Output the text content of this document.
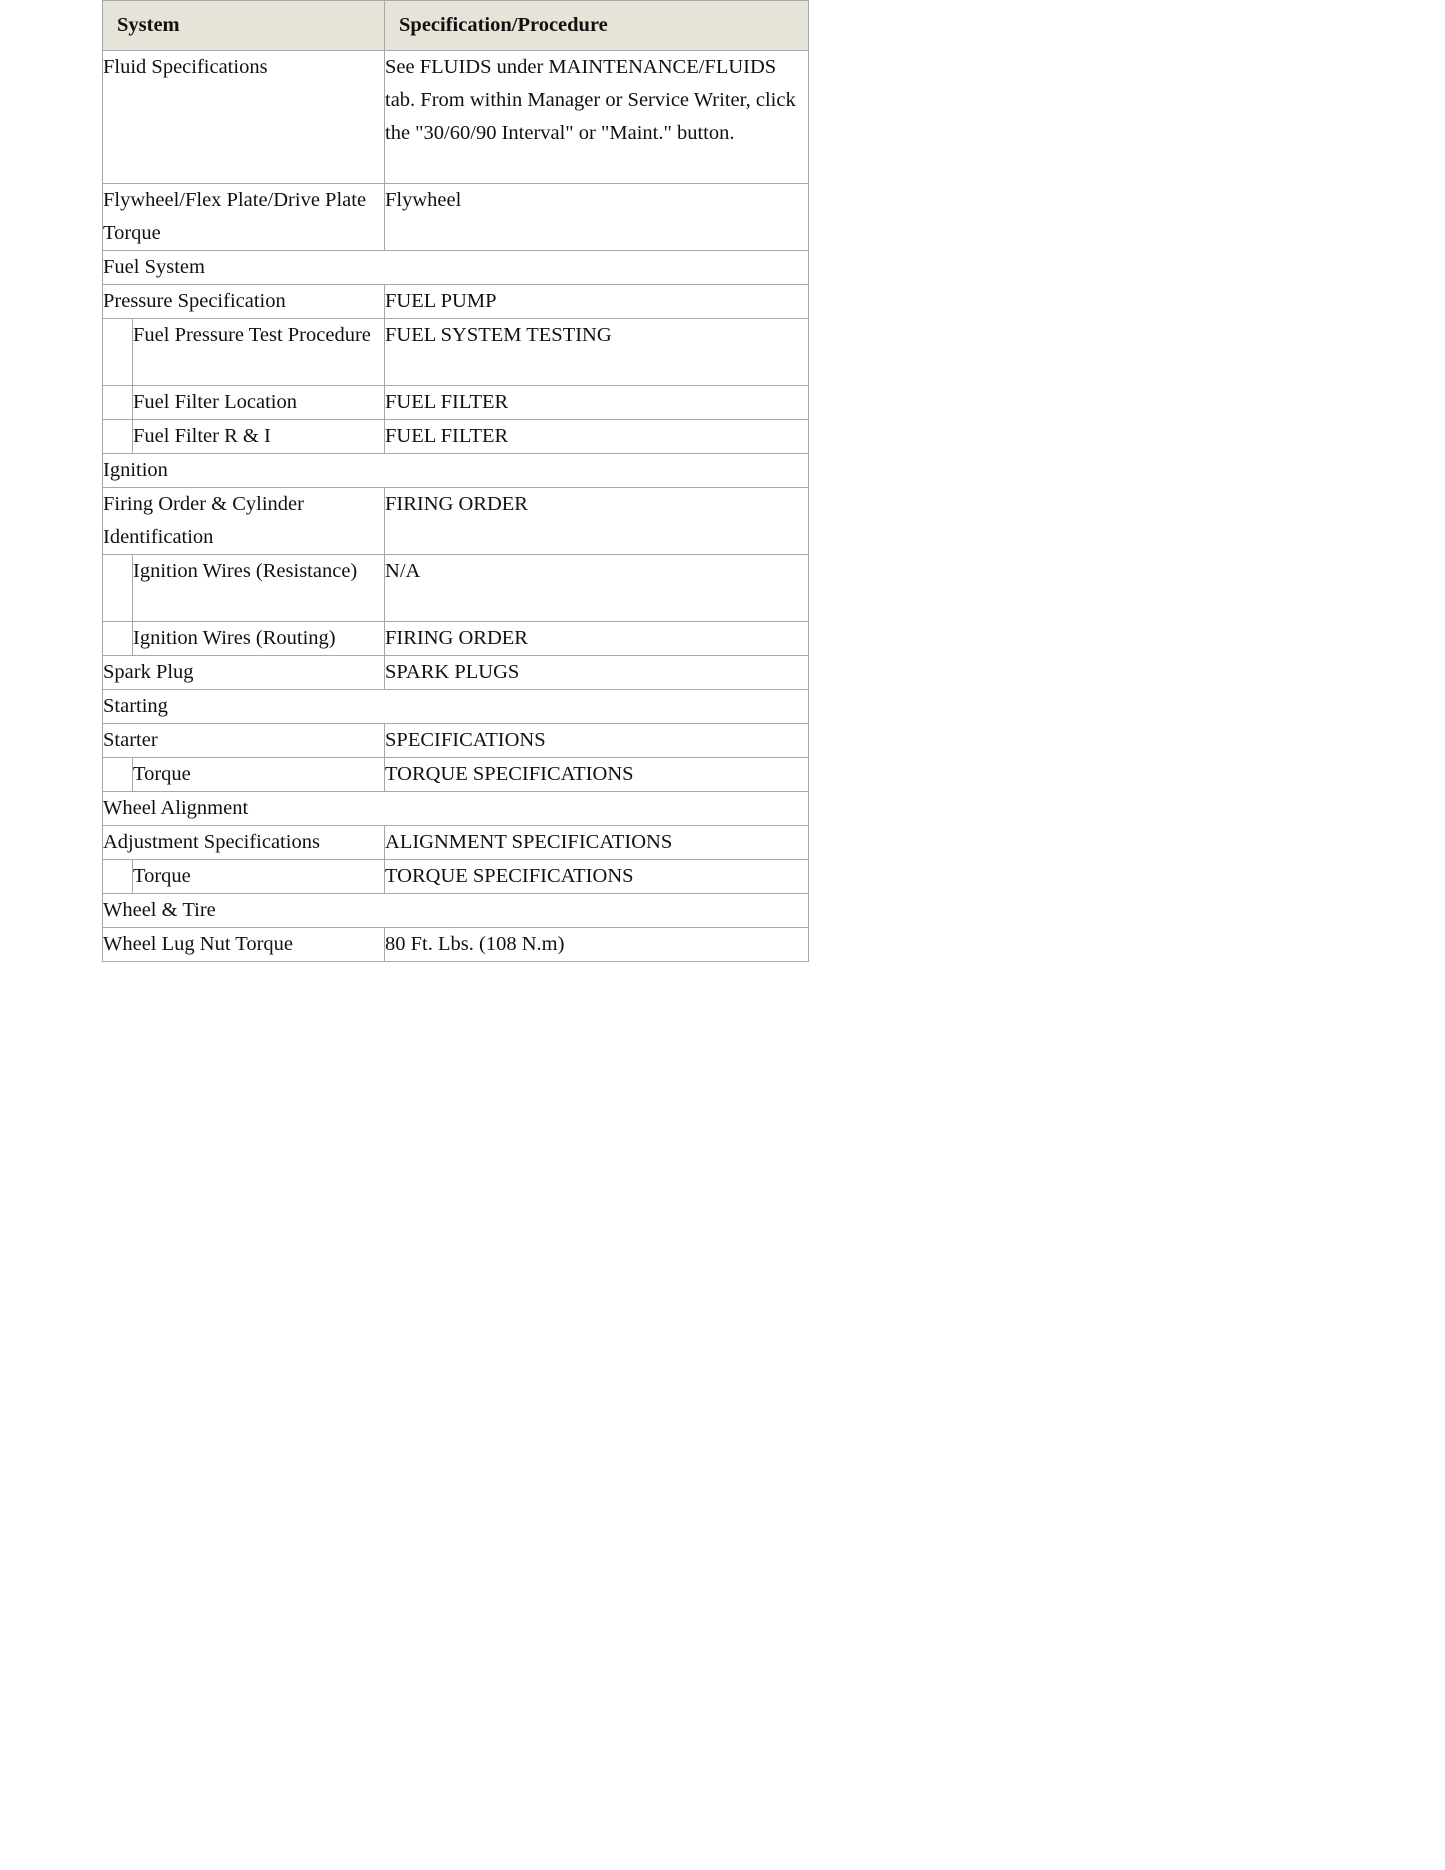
System		Specification/Procedure
Fluid Specifications		See FLUIDS under MAINTENANCE/FLUIDS tab. From within Manager or Service Writer, click the "30/60/90 Interval" or "Maint." button.
Flywheel/Flex Plate/Drive Plate Torque		Flywheel
Fuel System		
Pressure Specification		FUEL PUMP
	Fuel Pressure Test Procedure	FUEL SYSTEM TESTING
	Fuel Filter Location	FUEL FILTER
	Fuel Filter R & I	FUEL FILTER
Ignition		
Firing Order & Cylinder Identification		FIRING ORDER
	Ignition Wires (Resistance)	N/A
	Ignition Wires (Routing)	FIRING ORDER
Spark Plug		SPARK PLUGS
Starting		
Starter		SPECIFICATIONS
	Torque	TORQUE SPECIFICATIONS
Wheel Alignment		
Adjustment Specifications		ALIGNMENT SPECIFICATIONS
	Torque	TORQUE SPECIFICATIONS
Wheel & Tire		
Wheel Lug Nut Torque		80 Ft. Lbs. (108 N.m)
